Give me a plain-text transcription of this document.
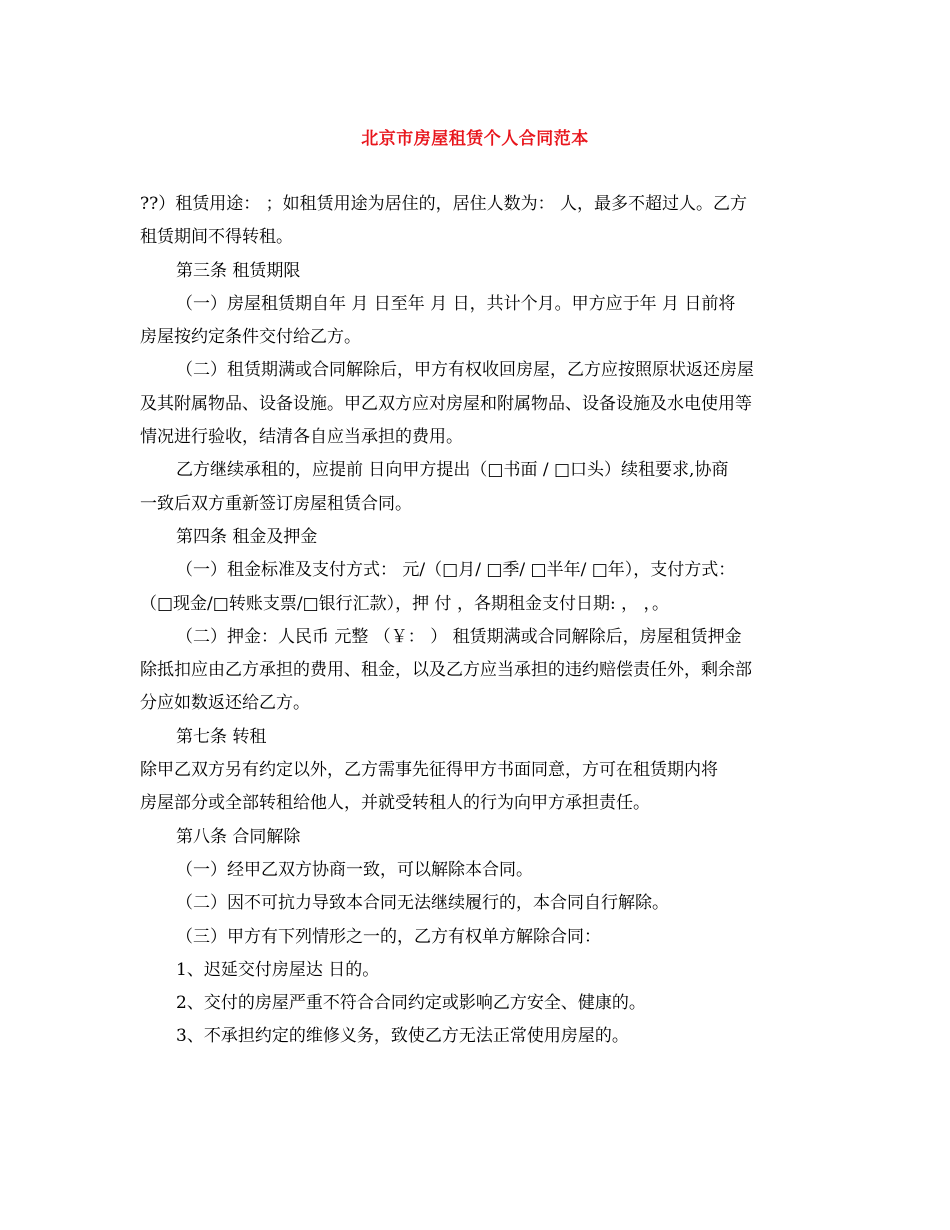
北京市房屋租赁个人合同范本

??）租赁用途： ；如租赁用途为居住的，居住人数为： 人，最多不超过人。乙方

租赁期间不得转租。

第三条 租赁期限

（一）房屋租赁期自年 月 日至年 月 日，共计个月。甲方应于年 月 日前将

房屋按约定条件交付给乙方。

（二）租赁期满或合同解除后，甲方有权收回房屋，乙方应按照原状返还房屋

及其附属物品、设备设施。甲乙双方应对房屋和附属物品、设备设施及水电使用等

情况进行验收，结清各自应当承担的费用。

乙方继续承租的，应提前 日向甲方提出（□书面 / □口头）续租要求,协商

一致后双方重新签订房屋租赁合同。

第四条 租金及押金

（一）租金标准及支付方式： 元/（□月/ □季/ □半年/ □年），支付方式：

（□现金/□转账支票/□银行汇款），押 付 ，各期租金支付日期: ， ，。

（二）押金：人民币 元整 （￥： ） 租赁期满或合同解除后，房屋租赁押金

除抵扣应由乙方承担的费用、租金，以及乙方应当承担的违约赔偿责任外，剩余部

分应如数返还给乙方。

第七条 转租

除甲乙双方另有约定以外，乙方需事先征得甲方书面同意，方可在租赁期内将

房屋部分或全部转租给他人，并就受转租人的行为向甲方承担责任。

第八条 合同解除

（一）经甲乙双方协商一致，可以解除本合同。

（二）因不可抗力导致本合同无法继续履行的，本合同自行解除。

（三）甲方有下列情形之一的，乙方有权单方解除合同：

1、迟延交付房屋达 日的。

2、交付的房屋严重不符合合同约定或影响乙方安全、健康的。

3、不承担约定的维修义务，致使乙方无法正常使用房屋的。
